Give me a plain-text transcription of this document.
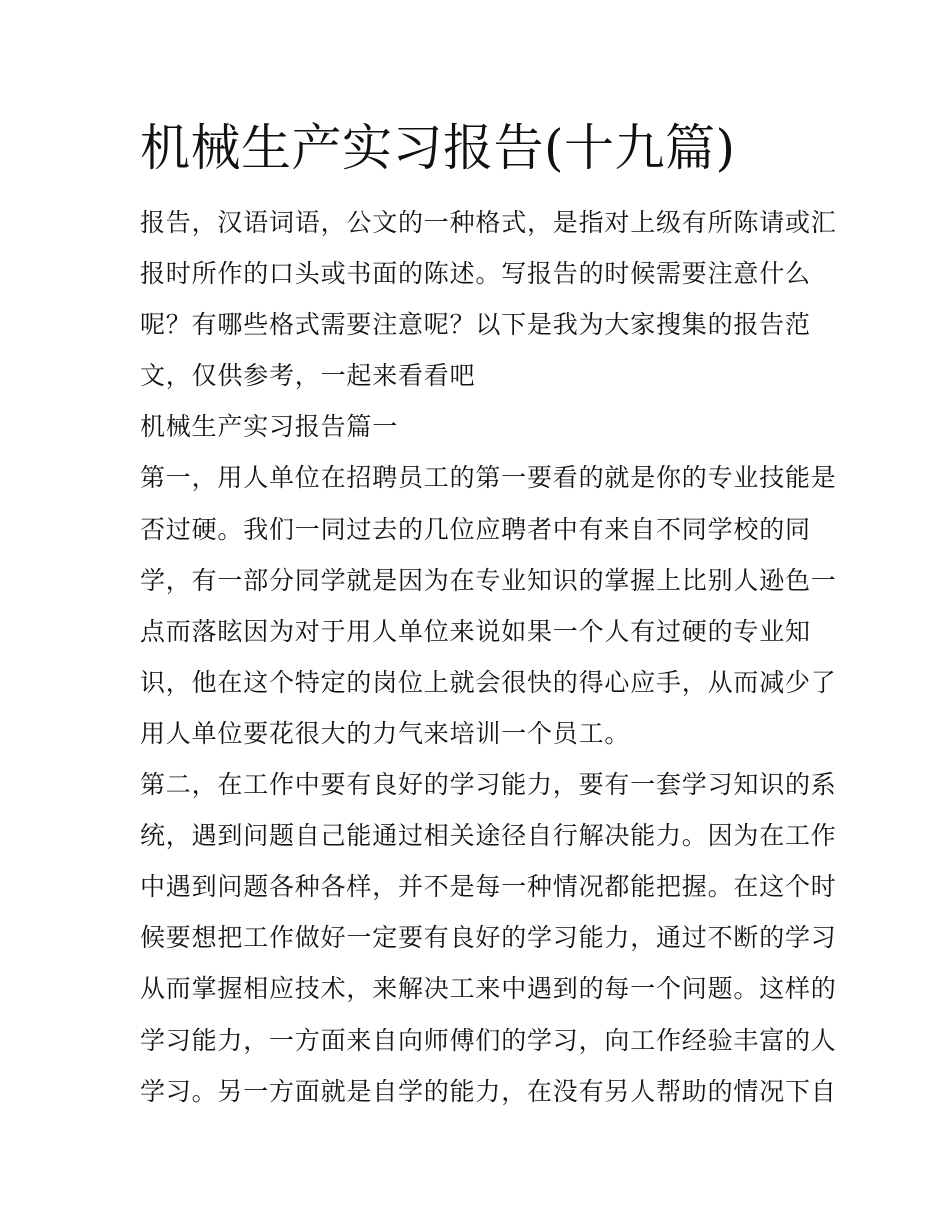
机械生产实习报告(十九篇)
报告，汉语词语，公文的一种格式，是指对上级有所陈请或汇
报时所作的口头或书面的陈述。写报告的时候需要注意什么
呢？有哪些格式需要注意呢？以下是我为大家搜集的报告范
文，仅供参考，一起来看看吧
机械生产实习报告篇一
第一，用人单位在招聘员工的第一要看的就是你的专业技能是
否过硬。我们一同过去的几位应聘者中有来自不同学校的同
学，有一部分同学就是因为在专业知识的掌握上比别人逊色一
点而落眩因为对于用人单位来说如果一个人有过硬的专业知
识，他在这个特定的岗位上就会很快的得心应手，从而减少了
用人单位要花很大的力气来培训一个员工。
第二，在工作中要有良好的学习能力，要有一套学习知识的系
统，遇到问题自己能通过相关途径自行解决能力。因为在工作
中遇到问题各种各样，并不是每一种情况都能把握。在这个时
候要想把工作做好一定要有良好的学习能力，通过不断的学习
从而掌握相应技术，来解决工来中遇到的每一个问题。这样的
学习能力，一方面来自向师傅们的学习，向工作经验丰富的人
学习。另一方面就是自学的能力，在没有另人帮助的情况下自
